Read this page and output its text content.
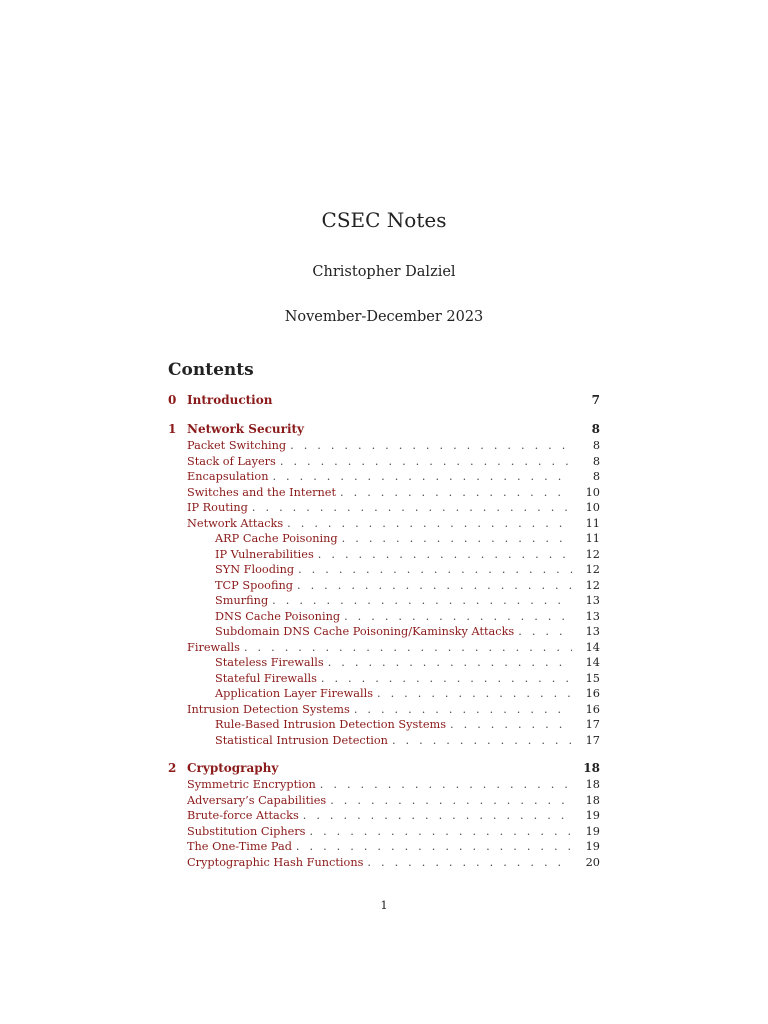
CSEC Notes
Christopher Dalziel
November-December 2023
Contents
0 Introduction	7
1 Network Security	8
Packet Switching . . .	8
Stack of Layers . . .	8
Encapsulation . . .	8
Switches and the Internet . . .	10
IP Routing . . .	10
Network Attacks . . .	11
ARP Cache Poisoning . . .	11
IP Vulnerabilities . . .	12
SYN Flooding . . .	12
TCP Spoofing . . .	12
Smurfing . . .	13
DNS Cache Poisoning . . .	13
Subdomain DNS Cache Poisoning/Kaminsky Attacks . . .	13
Firewalls . . .	14
Stateless Firewalls . . .	14
Stateful Firewalls . . .	15
Application Layer Firewalls . . .	16
Intrusion Detection Systems . . .	16
Rule-Based Intrusion Detection Systems . . .	17
Statistical Intrusion Detection . . .	17
2 Cryptography	18
Symmetric Encryption . . .	18
Adversary’s Capabilities . . .	18
Brute-force Attacks . . .	19
Substitution Ciphers . . .	19
The One-Time Pad . . .	19
Cryptographic Hash Functions . . .	20
1
